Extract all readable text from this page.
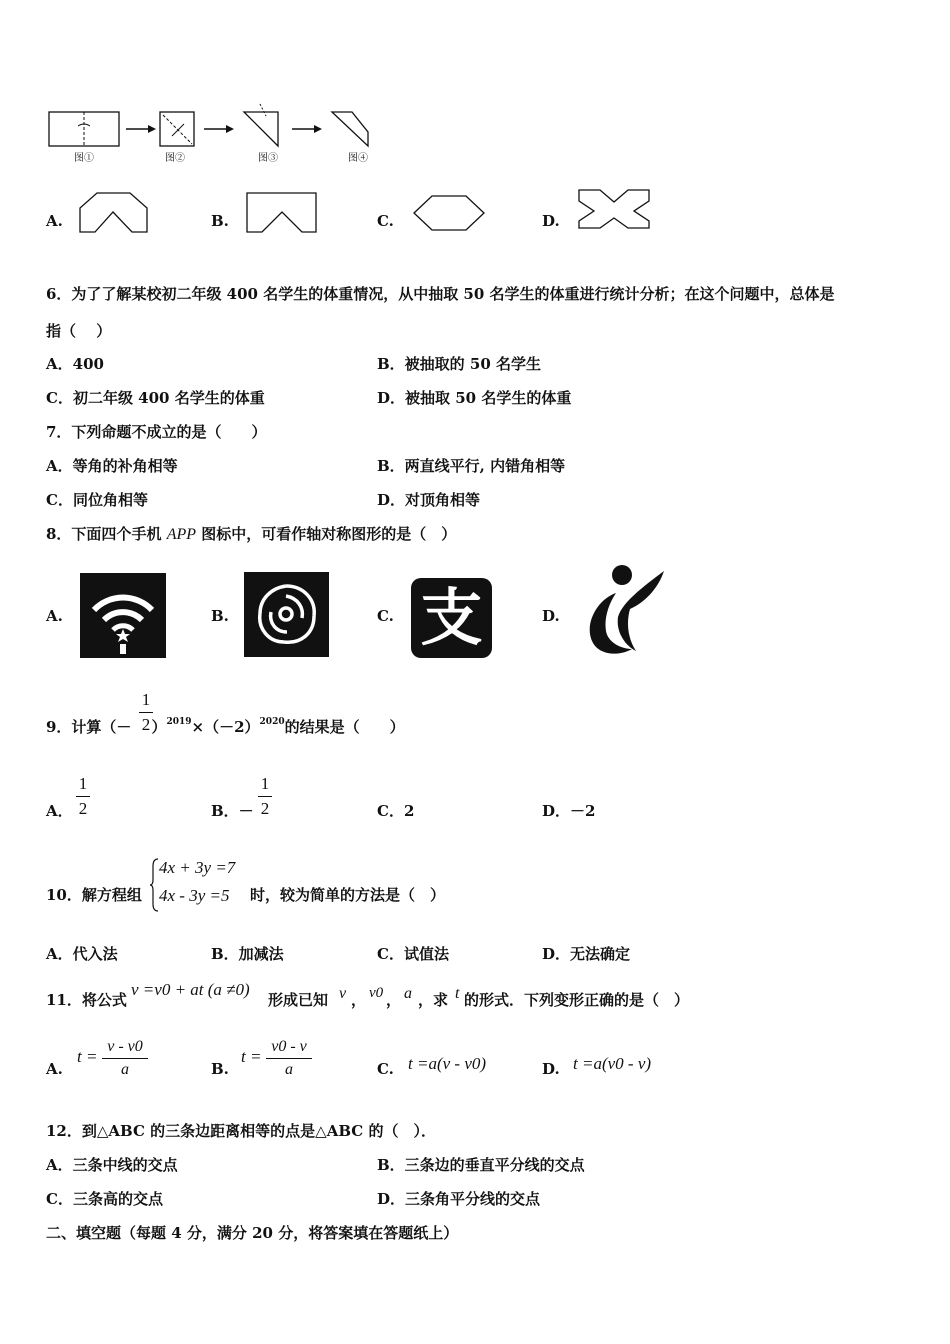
图①	图②	图③	图④
A.	B.	C.	D.
6．为了了解某校初二年级 400 名学生的体重情况，从中抽取 50 名学生的体重进行统计分析；在这个问题中，总体是
指（　 ）
A．400	B．被抽取的 50 名学生
C．初二年级 400 名学生的体重	D．被抽取 50 名学生的体重
7．下列命题不成立的是（　　）
A．等角的补角相等	B．两直线平行, 内错角相等
C．同位角相等	D．对顶角相等
8．下面四个手机 APP 图标中，可看作轴对称图形的是（　）
A.	B.	C.	D.
支
9．计算（－ ）$^{2019}\times(-2)^{2020}$的结果是（　　）
1
2
A．
1
2	B．－
1
2	C．2	D．－2
10．解方程组
4x + 3y =7
4x - 3y =5 时，较为简单的方法是（　）
A．代入法	B．加减法	C．试值法	D．无法确定
11．将公式
v =v0 + at (a ≠0)
形成已知 v ， v0 ， a ，求 t 的形式．下列变形正确的是（　）
A.
t =
v - v0
a	B.
t =
v0 - v
a	C. t =a(v - v0)	D. t =a(v0 - v)
12．到△ABC 的三条边距离相等的点是△ABC 的（　）．
A．三条中线的交点	B．三条边的垂直平分线的交点
C．三条高的交点	D．三条角平分线的交点
二、填空题（每题 4 分，满分 20 分，将答案填在答题纸上）
